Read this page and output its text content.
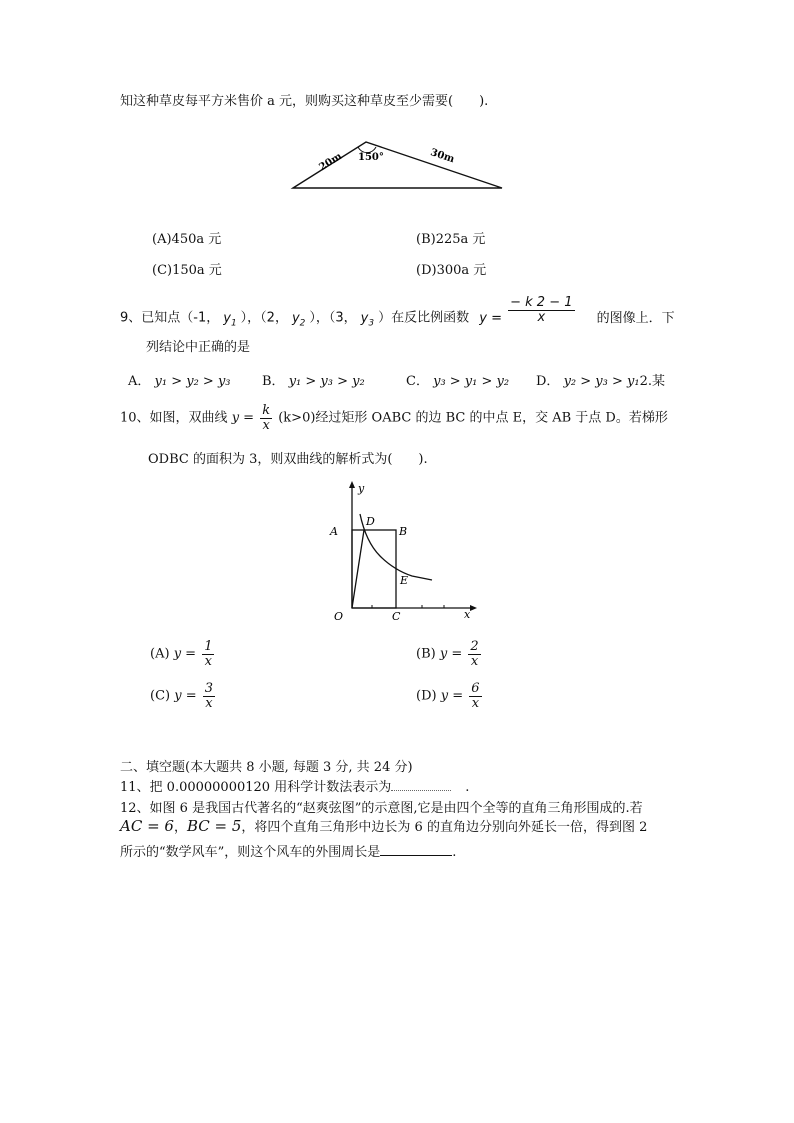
知这种草皮每平方米售价 a 元，则购买这种草皮至少需要(　　).
150°
20m	30m
(A)450a 元	(B)225a 元
(C)150a 元	(D)300a 元
9、已知点（-1， $y_1$ ），（2， $y_2$ ），（3， $y_3$ ）在反比例函数 $y = \frac{- k 2 - 1}{x}$ 的图像上．下
列结论中正确的是
A． y₁ > y₂ > y₃ B． y₁ > y₃ > y₂	C． y₃ > y₁ > y₂ D． y₂ > y₃ > y₁2.某
10、如图，双曲线 $y = \frac{k}{x} (k>0)$经过矩形 OABC 的边 BC 的中点 E，交 AB 于点 D。若梯形
ODBC 的面积为 3，则双曲线的解析式为(　　).
y
x
A	B
D
E
C
O
(A) $y = \frac{1}{x}$	(B) $y = \frac{2}{x}$
(C) $y = \frac{3}{x}$	(D) $y = \frac{6}{x}$
二、填空题(本大题共 8 小题, 每题 3 分, 共 24 分)
11、把 0.00000000120 用科学计数法表示为	.
12、如图 6 是我国古代著名的“赵爽弦图”的示意图,它是由四个全等的直角三角形围成的.若
AC = 6，BC = 5，将四个直角三角形中边长为 6 的直角边分别向外延长一倍，得到图 2
所示的“数学风车”，则这个风车的外围周长是	.
